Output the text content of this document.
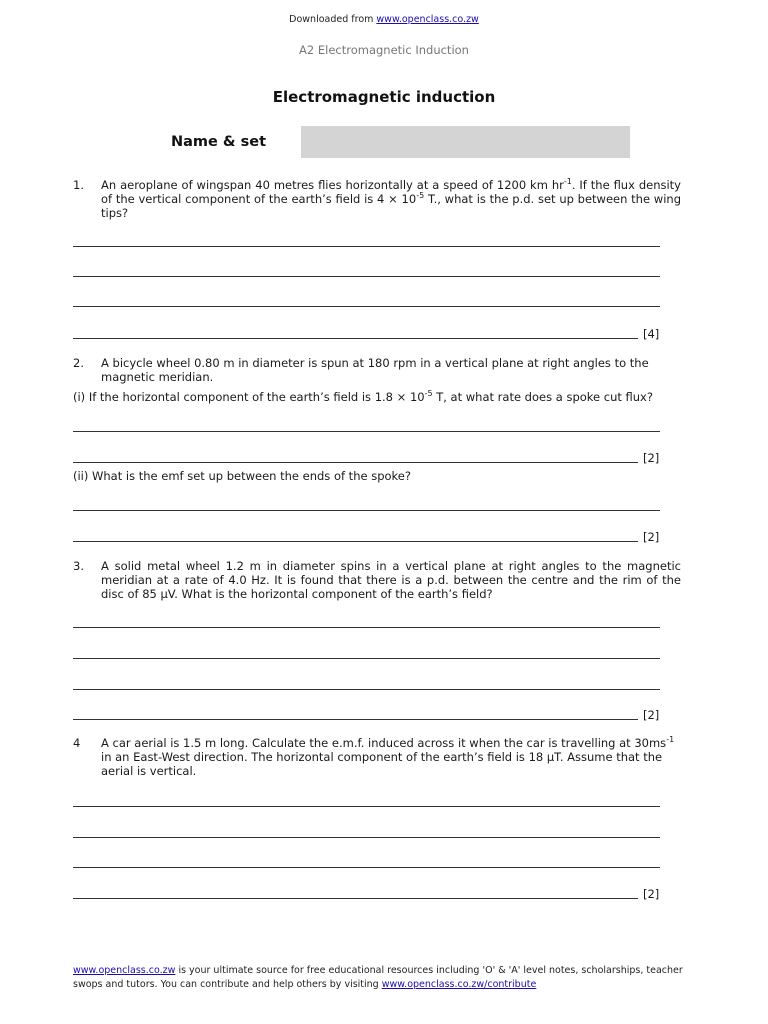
Downloaded from www.openclass.co.zw
A2 Electromagnetic Induction
Electromagnetic induction
Name & set
1. An aeroplane of wingspan 40 metres flies horizontally at a speed of 1200 km $hr^{-1}$. If the flux density of the vertical component of the earth’s field is $4 \times 10^{-5}$ T., what is the p.d. set up between the wing tips?
[4]
2. A bicycle wheel 0.80 m in diameter is spun at 180 rpm in a vertical plane at right angles to the magnetic meridian.
(i) If the horizontal component of the earth’s field is $1.8 \times 10^{-5}$ T, at what rate does a spoke cut flux?
[2]
(ii) What is the emf set up between the ends of the spoke?
[2]
3. A solid metal wheel 1.2 m in diameter spins in a vertical plane at right angles to the magnetic meridian at a rate of 4.0 Hz. It is found that there is a p.d. between the centre and the rim of the disc of 85 μV. What is the horizontal component of the earth’s field?
[2]
4 A car aerial is 1.5 m long. Calculate the e.m.f. induced across it when the car is travelling at $30ms^{-1}$ in an East-West direction. The horizontal component of the earth’s field is 18 μT. Assume that the aerial is vertical.
[2]
www.openclass.co.zw is your ultimate source for free educational resources including 'O' & 'A' level notes, scholarships, teacher swops and tutors. You can contribute and help others by visiting www.openclass.co.zw/contribute
